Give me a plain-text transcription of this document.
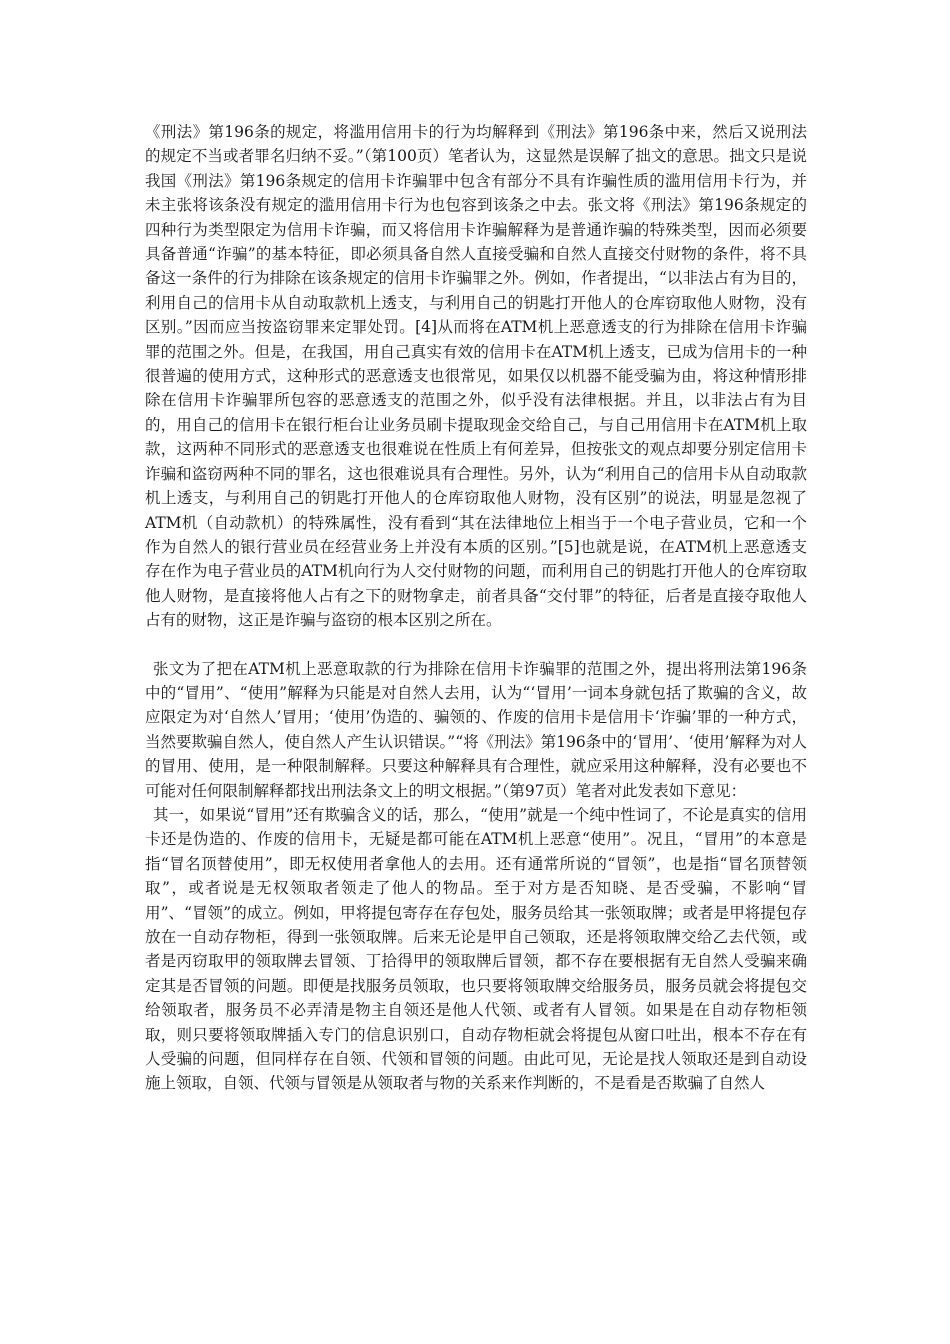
《刑法》第196条的规定，将滥用信用卡的行为均解释到《刑法》第196条中来，然后又说刑法的规定不当或者罪名归纳不妥。”（第100页）笔者认为，这显然是误解了拙文的意思。拙文只是说我国《刑法》第196条规定的信用卡诈骗罪中包含有部分不具有诈骗性质的滥用信用卡行为，并未主张将该条没有规定的滥用信用卡行为也包容到该条之中去。张文将《刑法》第196条规定的四种行为类型限定为信用卡诈骗，而又将信用卡诈骗解释为是普通诈骗的特殊类型，因而必须要具备普通“诈骗”的基本特征，即必须具备自然人直接受骗和自然人直接交付财物的条件，将不具备这一条件的行为排除在该条规定的信用卡诈骗罪之外。例如，作者提出，“以非法占有为目的，利用自己的信用卡从自动取款机上透支，与利用自己的钥匙打开他人的仓库窃取他人财物，没有区别。”因而应当按盗窃罪来定罪处罚。[4]从而将在ATM机上恶意透支的行为排除在信用卡诈骗罪的范围之外。但是，在我国，用自己真实有效的信用卡在ATM机上透支，已成为信用卡的一种很普遍的使用方式，这种形式的恶意透支也很常见，如果仅以机器不能受骗为由，将这种情形排除在信用卡诈骗罪所包容的恶意透支的范围之外，似乎没有法律根据。并且，以非法占有为目的，用自己的信用卡在银行柜台让业务员刷卡提取现金交给自己，与自己用信用卡在ATM机上取款，这两种不同形式的恶意透支也很难说在性质上有何差异，但按张文的观点却要分别定信用卡诈骗和盗窃两种不同的罪名，这也很难说具有合理性。另外，认为“利用自己的信用卡从自动取款机上透支，与利用自己的钥匙打开他人的仓库窃取他人财物，没有区别”的说法，明显是忽视了ATM机（自动款机）的特殊属性，没有看到“其在法律地位上相当于一个电子营业员，它和一个作为自然人的银行营业员在经营业务上并没有本质的区别。”[5]也就是说，在ATM机上恶意透支存在作为电子营业员的ATM机向行为人交付财物的问题，而利用自己的钥匙打开他人的仓库窃取他人财物，是直接将他人占有之下的财物拿走，前者具备“交付罪”的特征，后者是直接夺取他人占有的财物，这正是诈骗与盗窃的根本区别之所在。

张文为了把在ATM机上恶意取款的行为排除在信用卡诈骗罪的范围之外，提出将刑法第196条中的“冒用”、“使用”解释为只能是对自然人去用，认为“‘冒用’一词本身就包括了欺骗的含义，故应限定为对‘自然人’冒用；‘使用’伪造的、骗领的、作废的信用卡是信用卡‘诈骗’罪的一种方式，当然要欺骗自然人，使自然人产生认识错误。”“将《刑法》第196条中的‘冒用’、‘使用’解释为对人的冒用、使用，是一种限制解释。只要这种解释具有合理性，就应采用这种解释，没有必要也不可能对任何限制解释都找出刑法条文上的明文根据。”（第97页）笔者对此发表如下意见：

其一，如果说“冒用”还有欺骗含义的话，那么，“使用”就是一个纯中性词了，不论是真实的信用卡还是伪造的、作废的信用卡，无疑是都可能在ATM机上恶意“使用”。况且，“冒用”的本意是指“冒名顶替使用”，即无权使用者拿他人的去用。还有通常所说的“冒领”，也是指“冒名顶替领取”，或者说是无权领取者领走了他人的物品。至于对方是否知晓、是否受骗，不影响“冒用”、“冒领”的成立。例如，甲将提包寄存在存包处，服务员给其一张领取牌；或者是甲将提包存放在一自动存物柜，得到一张领取牌。后来无论是甲自己领取，还是将领取牌交给乙去代领，或者是丙窃取甲的领取牌去冒领、丁拾得甲的领取牌后冒领，都不存在要根据有无自然人受骗来确定其是否冒领的问题。即便是找服务员领取，也只要将领取牌交给服务员，服务员就会将提包交给领取者，服务员不必弄清是物主自领还是他人代领、或者有人冒领。如果是在自动存物柜领取，则只要将领取牌插入专门的信息识别口，自动存物柜就会将提包从窗口吐出，根本不存在有人受骗的问题，但同样存在自领、代领和冒领的问题。由此可见，无论是找人领取还是到自动设施上领取，自领、代领与冒领是从领取者与物的关系来作判断的，不是看是否欺骗了自然人
